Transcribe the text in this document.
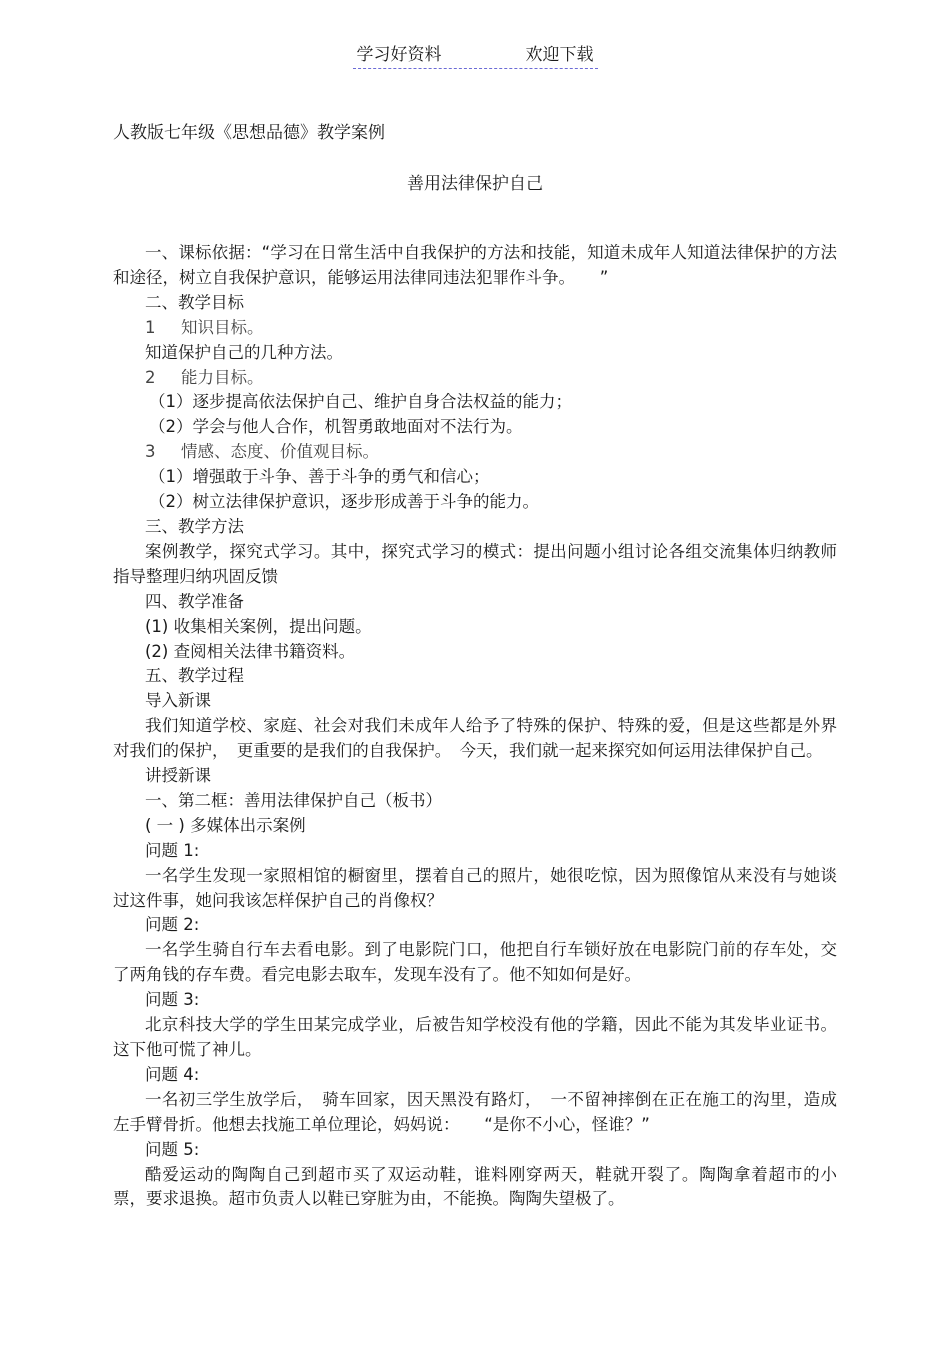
学习好资料	欢迎下载
人教版七年级《思想品德》教学案例
善用法律保护自己

一、课标依据：“学习在日常生活中自我保护的方法和技能，知道未成年人知道法律保护的方法和途径，树立自我保护意识，能够运用法律同违法犯罪作斗争。　　”

二、教学目标

1 知识目标。

知道保护自己的几种方法。

2 能力目标。

（1）逐步提高依法保护自己、维护自身合法权益的能力；

（2）学会与他人合作，机智勇敢地面对不法行为。

3 情感、态度、价值观目标。

（1）增强敢于斗争、善于斗争的勇气和信心；

（2）树立法律保护意识，逐步形成善于斗争的能力。

三、教学方法

案例教学，探究式学习。其中，探究式学习的模式：提出问题小组讨论各组交流集体归纳教师指导整理归纳巩固反馈

四、教学准备

(1) 收集相关案例，提出问题。

(2) 查阅相关法律书籍资料。

五、教学过程

导入新课

我们知道学校、家庭、社会对我们未成年人给予了特殊的保护、特殊的爱，但是这些都是外界对我们的保护，　更重要的是我们的自我保护。　今天，我们就一起来探究如何运用法律保护自己。

讲授新课

一、第二框：善用法律保护自己（板书）

( 一 ) 多媒体出示案例

问题 1:

一名学生发现一家照相馆的橱窗里，摆着自己的照片，她很吃惊，因为照像馆从来没有与她谈过这件事，她问我该怎样保护自己的肖像权？

问题 2:

一名学生骑自行车去看电影。到了电影院门口，他把自行车锁好放在电影院门前的存车处，交了两角钱的存车费。看完电影去取车，发现车没有了。他不知如何是好。

问题 3:

北京科技大学的学生田某完成学业，后被告知学校没有他的学籍，因此不能为其发毕业证书。这下他可慌了神儿。

问题 4:

一名初三学生放学后，　骑车回家，因天黑没有路灯，　一不留神摔倒在正在施工的沟里，造成左手臂骨折。他想去找施工单位理论，妈妈说：　　“是你不小心，怪谁？”

问题 5:

酷爱运动的陶陶自己到超市买了双运动鞋，谁料刚穿两天，鞋就开裂了。陶陶拿着超市的小票，要求退换。超市负责人以鞋已穿脏为由，不能换。陶陶失望极了。
